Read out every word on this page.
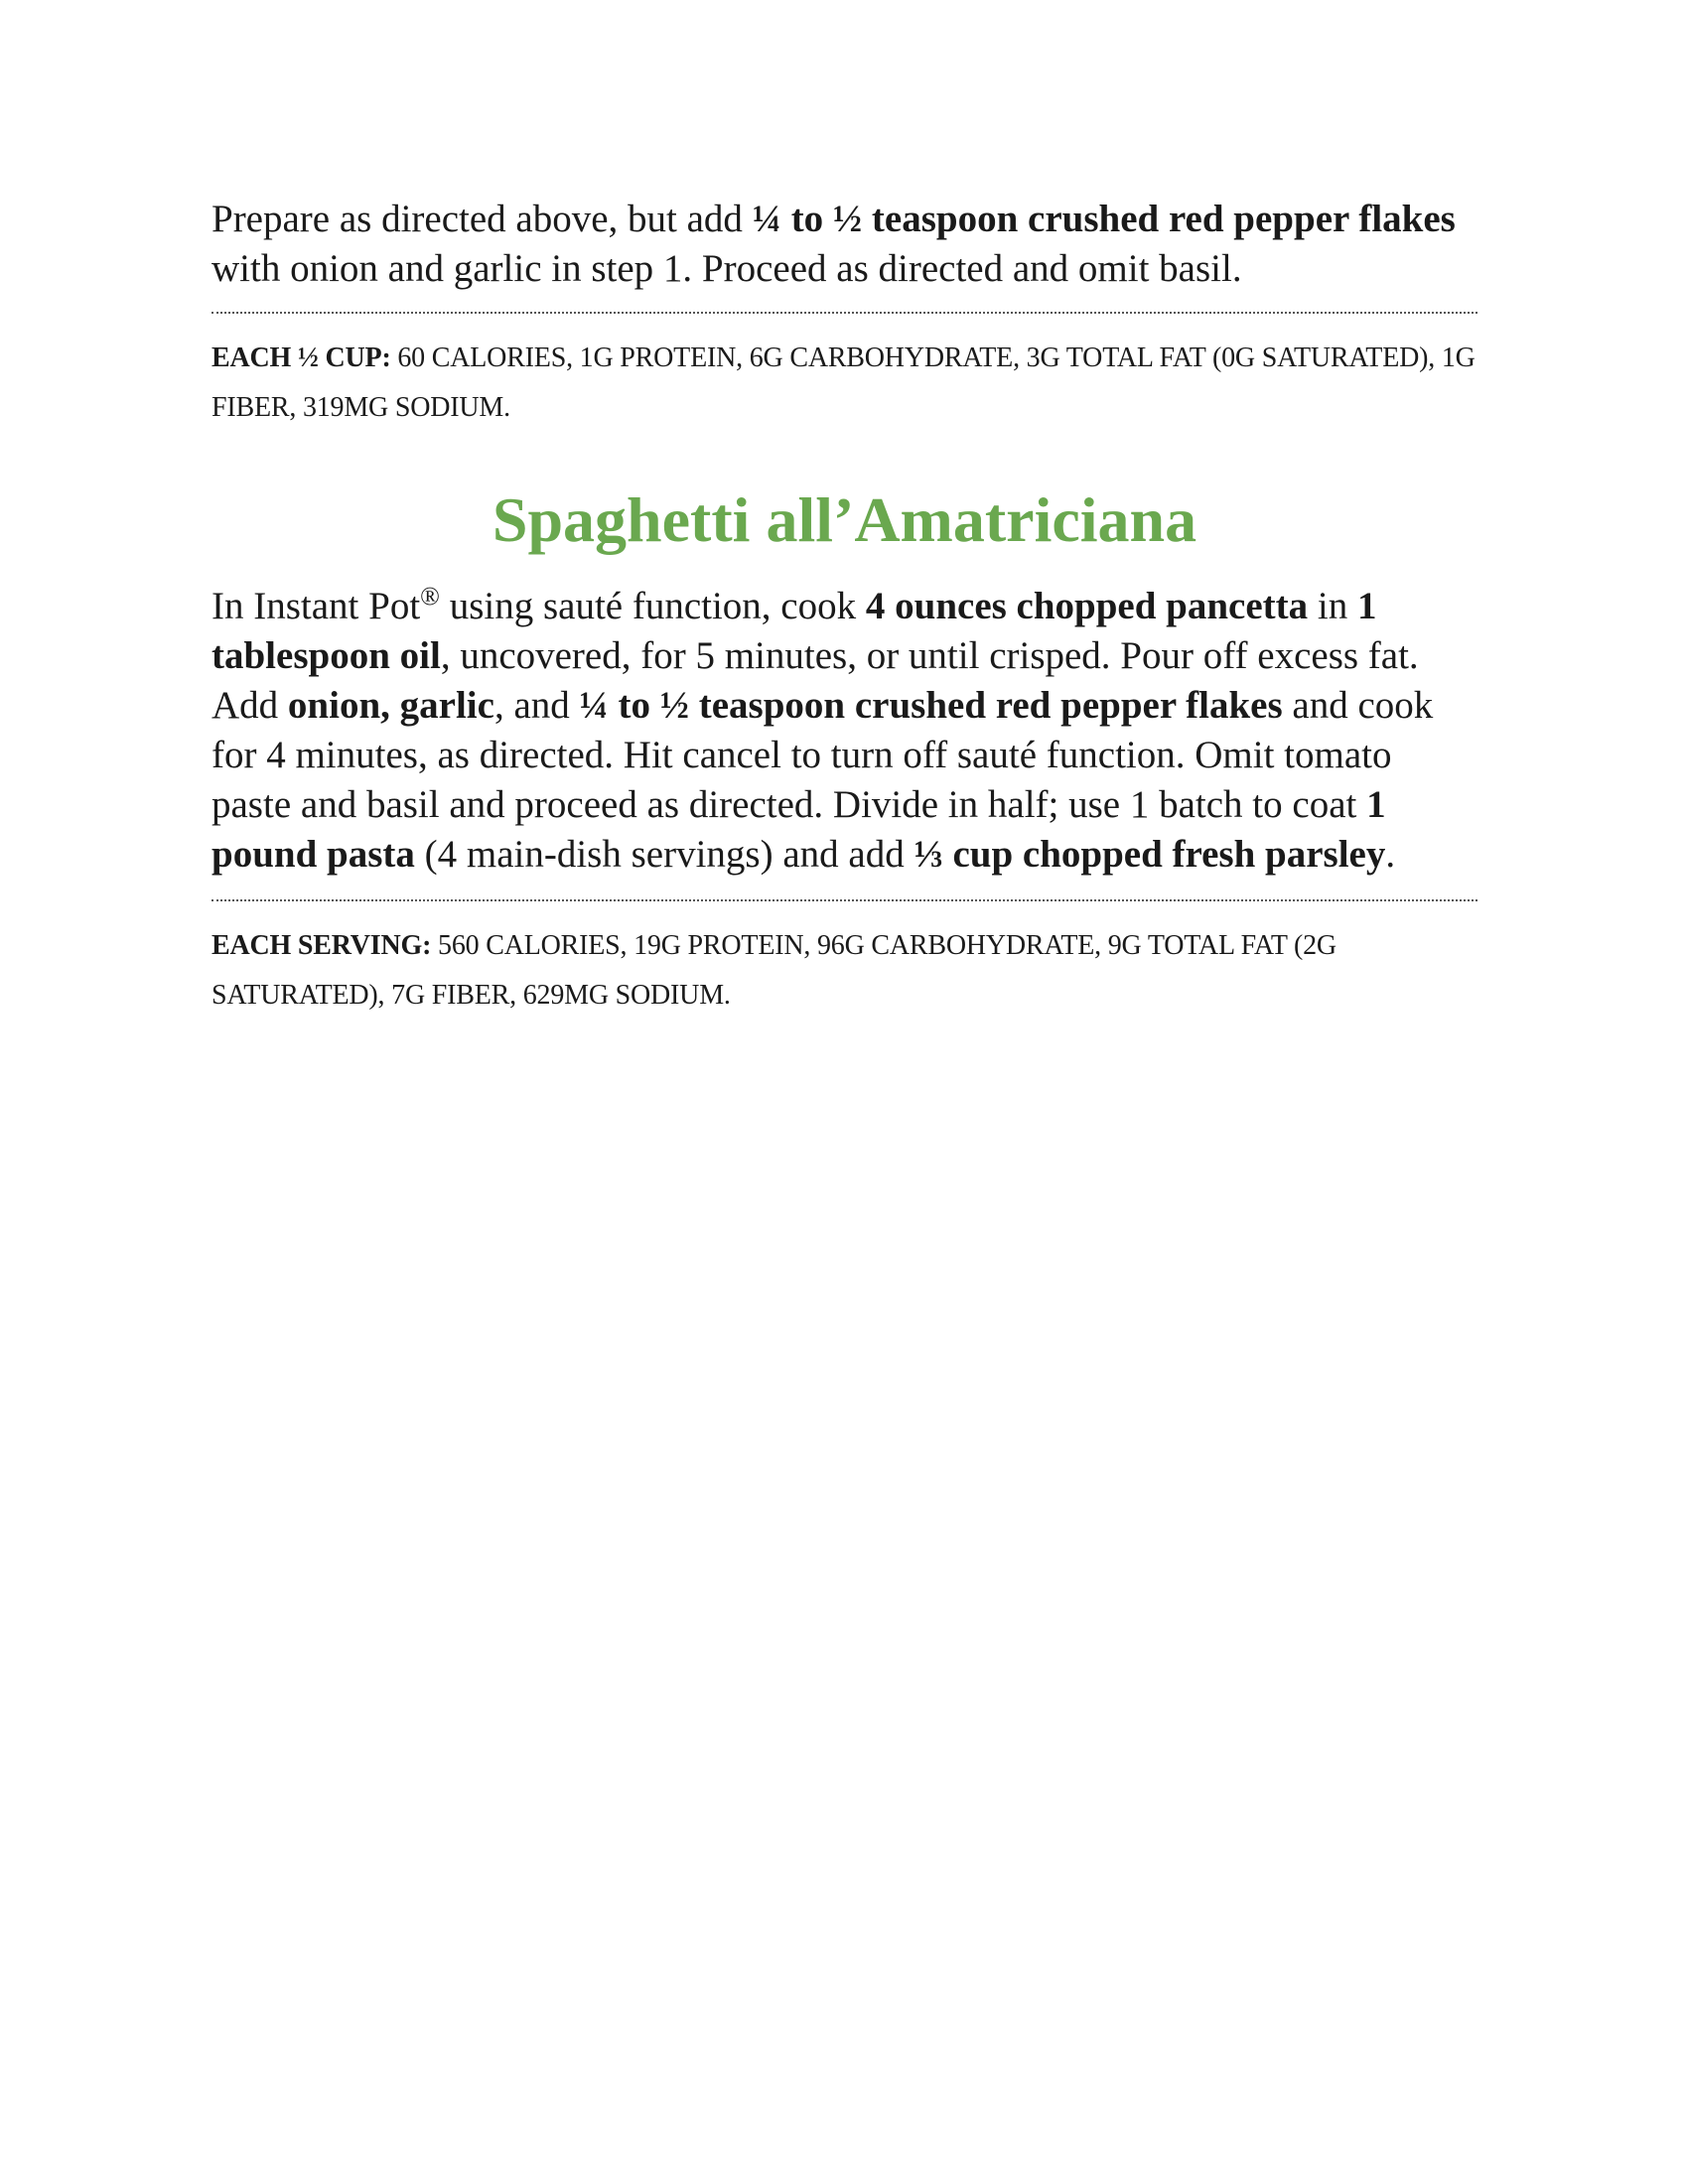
Prepare as directed above, but add ¼ to ½ teaspoon crushed red pepper flakes with onion and garlic in step 1. Proceed as directed and omit basil.

EACH ½ CUP: 60 CALORIES, 1G PROTEIN, 6G CARBOHYDRATE, 3G TOTAL FAT (0G SATURATED), 1G FIBER, 319MG SODIUM.

Spaghetti all’Amatriciana

In Instant Pot® using sauté function, cook 4 ounces chopped pancetta in 1 tablespoon oil, uncovered, for 5 minutes, or until crisped. Pour off excess fat. Add onion, garlic, and ¼ to ½ teaspoon crushed red pepper flakes and cook for 4 minutes, as directed. Hit cancel to turn off sauté function. Omit tomato paste and basil and proceed as directed. Divide in half; use 1 batch to coat 1 pound pasta (4 main-dish servings) and add ⅓ cup chopped fresh parsley.

EACH SERVING: 560 CALORIES, 19G PROTEIN, 96G CARBOHYDRATE, 9G TOTAL FAT (2G SATURATED), 7G FIBER, 629MG SODIUM.
